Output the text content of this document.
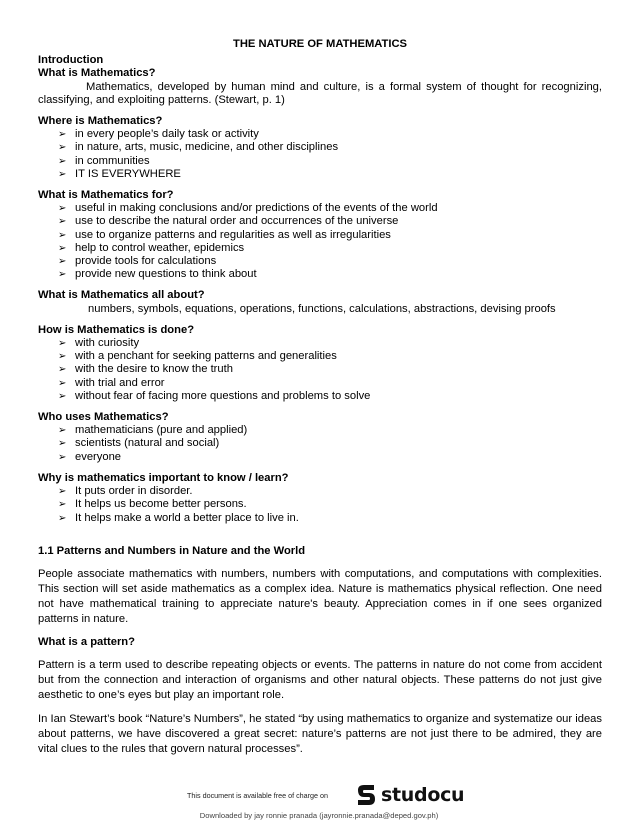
THE NATURE OF MATHEMATICS
Introduction
What is Mathematics?

Mathematics, developed by human mind and culture, is a formal system of thought for recognizing, classifying, and exploiting patterns. (Stewart, p. 1)

Where is Mathematics?
➢ in every people’s daily task or activity
➢ in nature, arts, music, medicine, and other disciplines
➢ in communities
➢ IT IS EVERYWHERE
What is Mathematics for?
➢ useful in making conclusions and/or predictions of the events of the world
➢ use to describe the natural order and occurrences of the universe
➢ use to organize patterns and regularities as well as irregularities
➢ help to control weather, epidemics
➢ provide tools for calculations
➢ provide new questions to think about
What is Mathematics all about?

numbers, symbols, equations, operations, functions, calculations, abstractions, devising proofs

How is Mathematics is done?
➢ with curiosity
➢ with a penchant for seeking patterns and generalities
➢ with the desire to know the truth
➢ with trial and error
➢ without fear of facing more questions and problems to solve
Who uses Mathematics?
➢ mathematicians (pure and applied)
➢ scientists (natural and social)
➢ everyone
Why is mathematics important to know / learn?
➢ It puts order in disorder.
➢ It helps us become better persons.
➢ It helps make a world a better place to live in.
1.1 Patterns and Numbers in Nature and the World

People associate mathematics with numbers, numbers with computations, and computations with complexities. This section will set aside mathematics as a complex idea. Nature is mathematics physical reflection. One need not have mathematical training to appreciate nature's beauty. Appreciation comes in if one sees organized patterns in nature.

What is a pattern?

Pattern is a term used to describe repeating objects or events. The patterns in nature do not come from accident but from the connection and interaction of organisms and other natural objects. These patterns do not just give aesthetic to one’s eyes but play an important role.

In Ian Stewart’s book “Nature’s Numbers”, he stated “by using mathematics to organize and systematize our ideas about patterns, we have discovered a great secret: nature’s patterns are not just there to be admired, they are vital clues to the rules that govern natural processes”.

This document is available free of charge on	studocu
Downloaded by jay ronnie pranada (jayronnie.pranada@deped.gov.ph)
